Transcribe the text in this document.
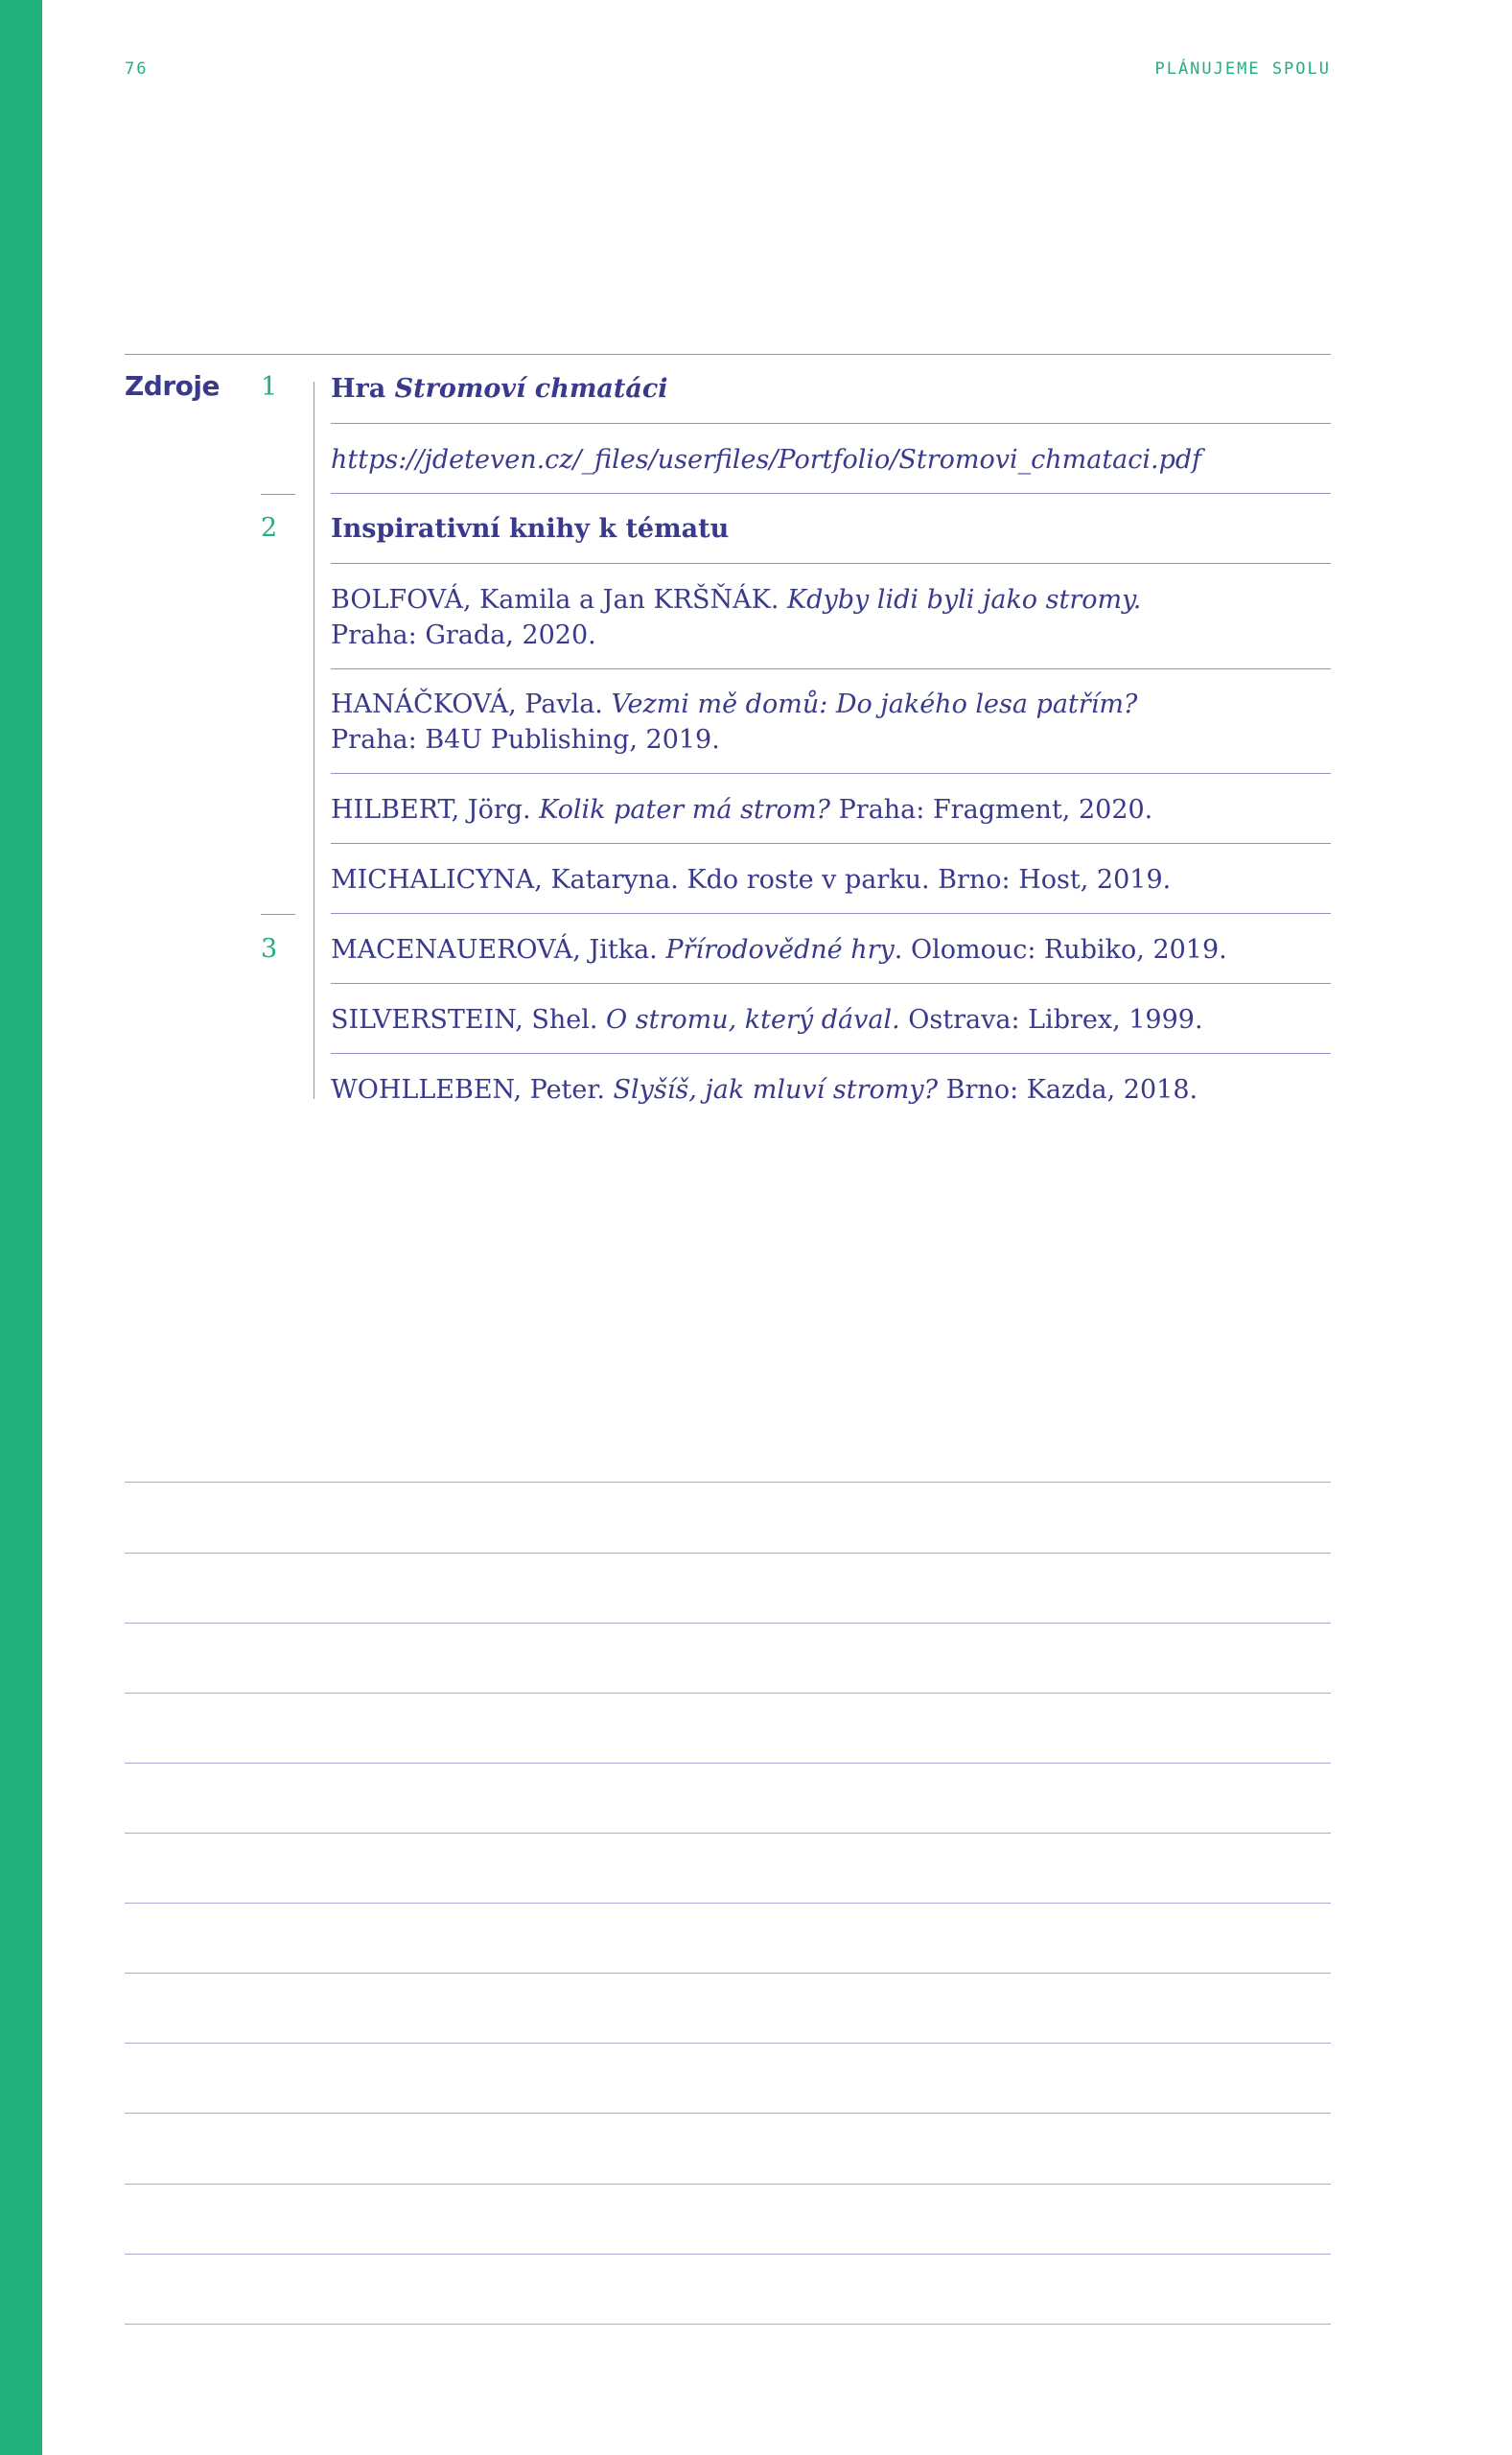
76	PLÁNUJEME SPOLU
Zdroje 1
2
3
Hra Stromoví chmatáci
https://jdeteven.cz/_files/userfiles/Portfolio/Stromovi_chmataci.pdf
Inspirativní knihy k tématu
BOLFOVÁ, Kamila a Jan KRŠŇÁK. Kdyby lidi byli jako stromy.
Praha: Grada, 2020.
HANÁČKOVÁ, Pavla. Vezmi mě domů: Do jakého lesa patřím?
Praha: B4U Publishing, 2019.
HILBERT, Jörg. Kolik pater má strom? Praha: Fragment, 2020.
MICHALICYNA, Kataryna. Kdo roste v parku. Brno: Host, 2019.
MACENAUEROVÁ, Jitka. Přírodovědné hry. Olomouc: Rubiko, 2019.
SILVERSTEIN, Shel. O stromu, který dával. Ostrava: Librex, 1999.
WOHLLEBEN, Peter. Slyšíš, jak mluví stromy? Brno: Kazda, 2018.
